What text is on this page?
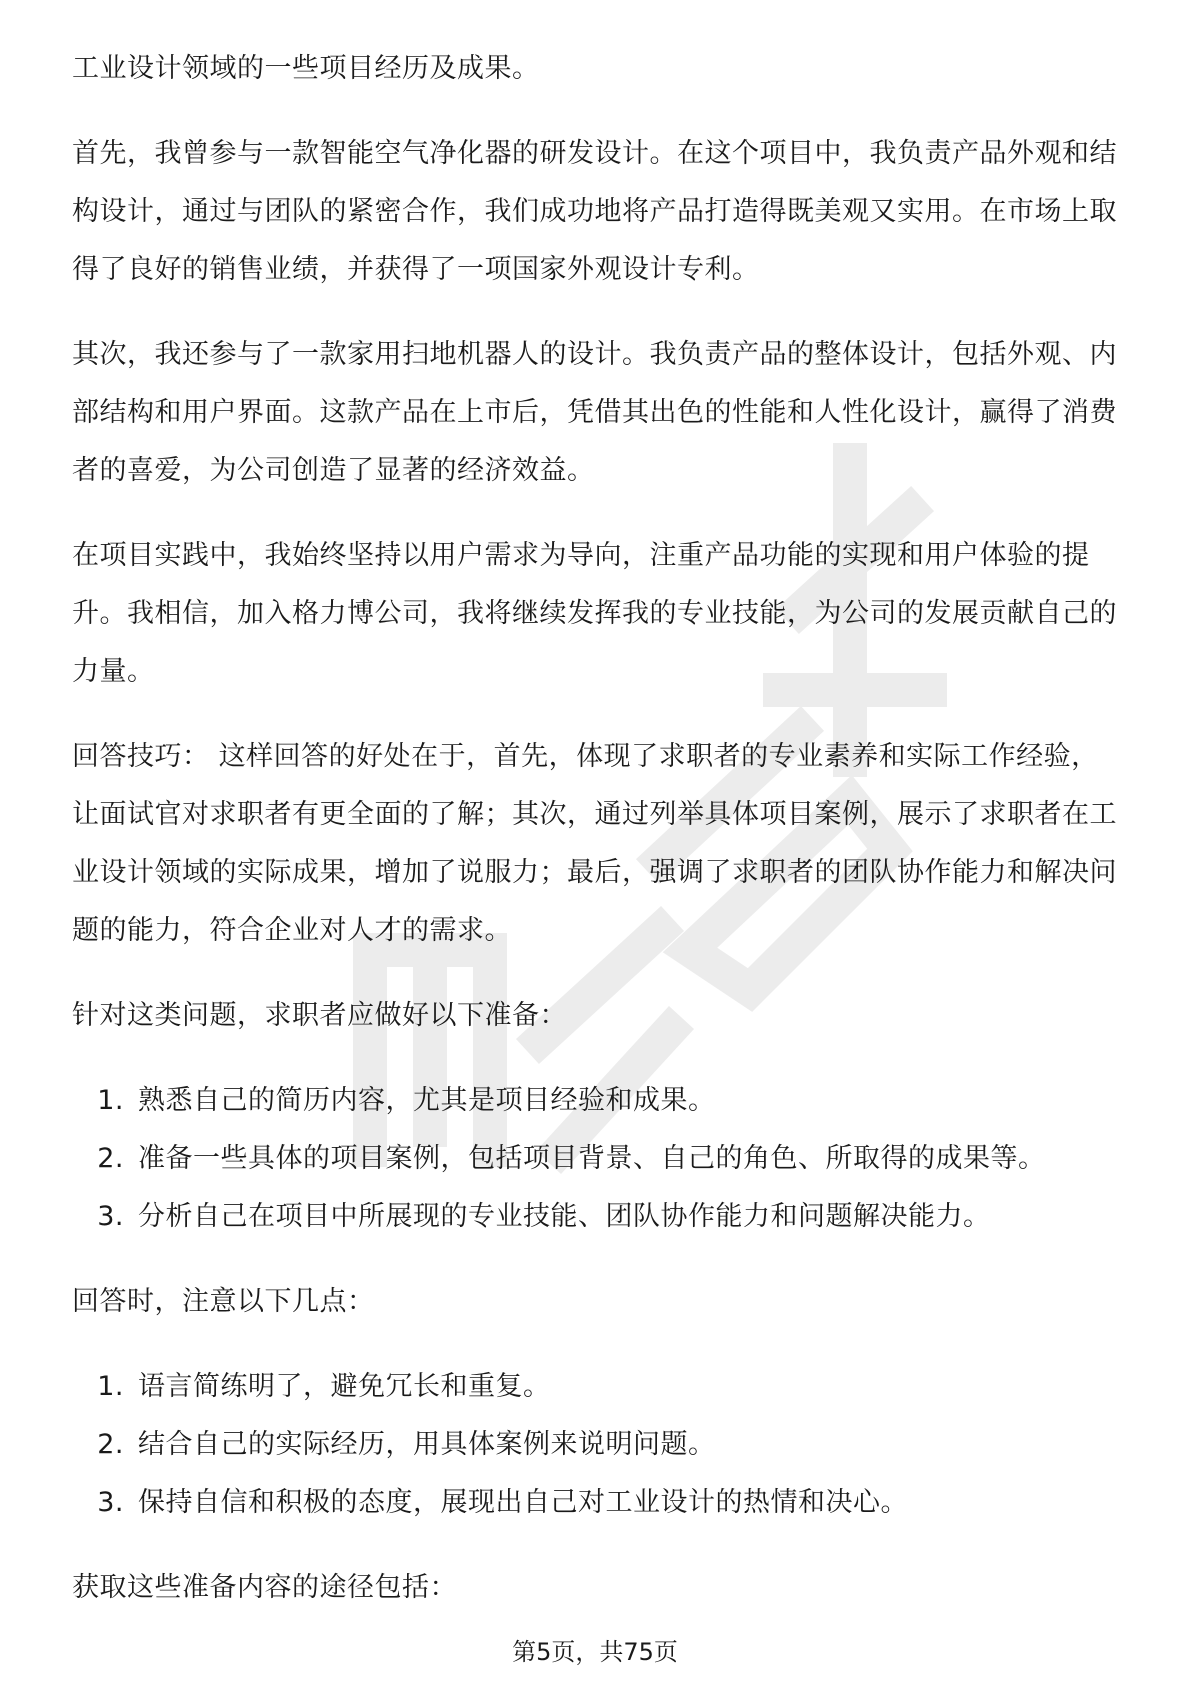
工业设计领域的一些项目经历及成果。

首先，我曾参与一款智能空气净化器的研发设计。在这个项目中，我负责产品外观和结构设计，通过与团队的紧密合作，我们成功地将产品打造得既美观又实用。在市场上取得了良好的销售业绩，并获得了一项国家外观设计专利。

其次，我还参与了一款家用扫地机器人的设计。我负责产品的整体设计，包括外观、内部结构和用户界面。这款产品在上市后，凭借其出色的性能和人性化设计，赢得了消费者的喜爱，为公司创造了显著的经济效益。

在项目实践中，我始终坚持以用户需求为导向，注重产品功能的实现和用户体验的提升。我相信，加入格力博公司，我将继续发挥我的专业技能，为公司的发展贡献自己的力量。

回答技巧： 这样回答的好处在于，首先，体现了求职者的专业素养和实际工作经验，让面试官对求职者有更全面的了解；其次，通过列举具体项目案例，展示了求职者在工业设计领域的实际成果，增加了说服力；最后，强调了求职者的团队协作能力和解决问题的能力，符合企业对人才的需求。

针对这类问题，求职者应做好以下准备：

1. 熟悉自己的简历内容，尤其是项目经验和成果。
2. 准备一些具体的项目案例，包括项目背景、自己的角色、所取得的成果等。
3. 分析自己在项目中所展现的专业技能、团队协作能力和问题解决能力。

回答时，注意以下几点：

1. 语言简练明了，避免冗长和重复。
2. 结合自己的实际经历，用具体案例来说明问题。
3. 保持自信和积极的态度，展现出自己对工业设计的热情和决心。

获取这些准备内容的途径包括：

第5页，共75页
